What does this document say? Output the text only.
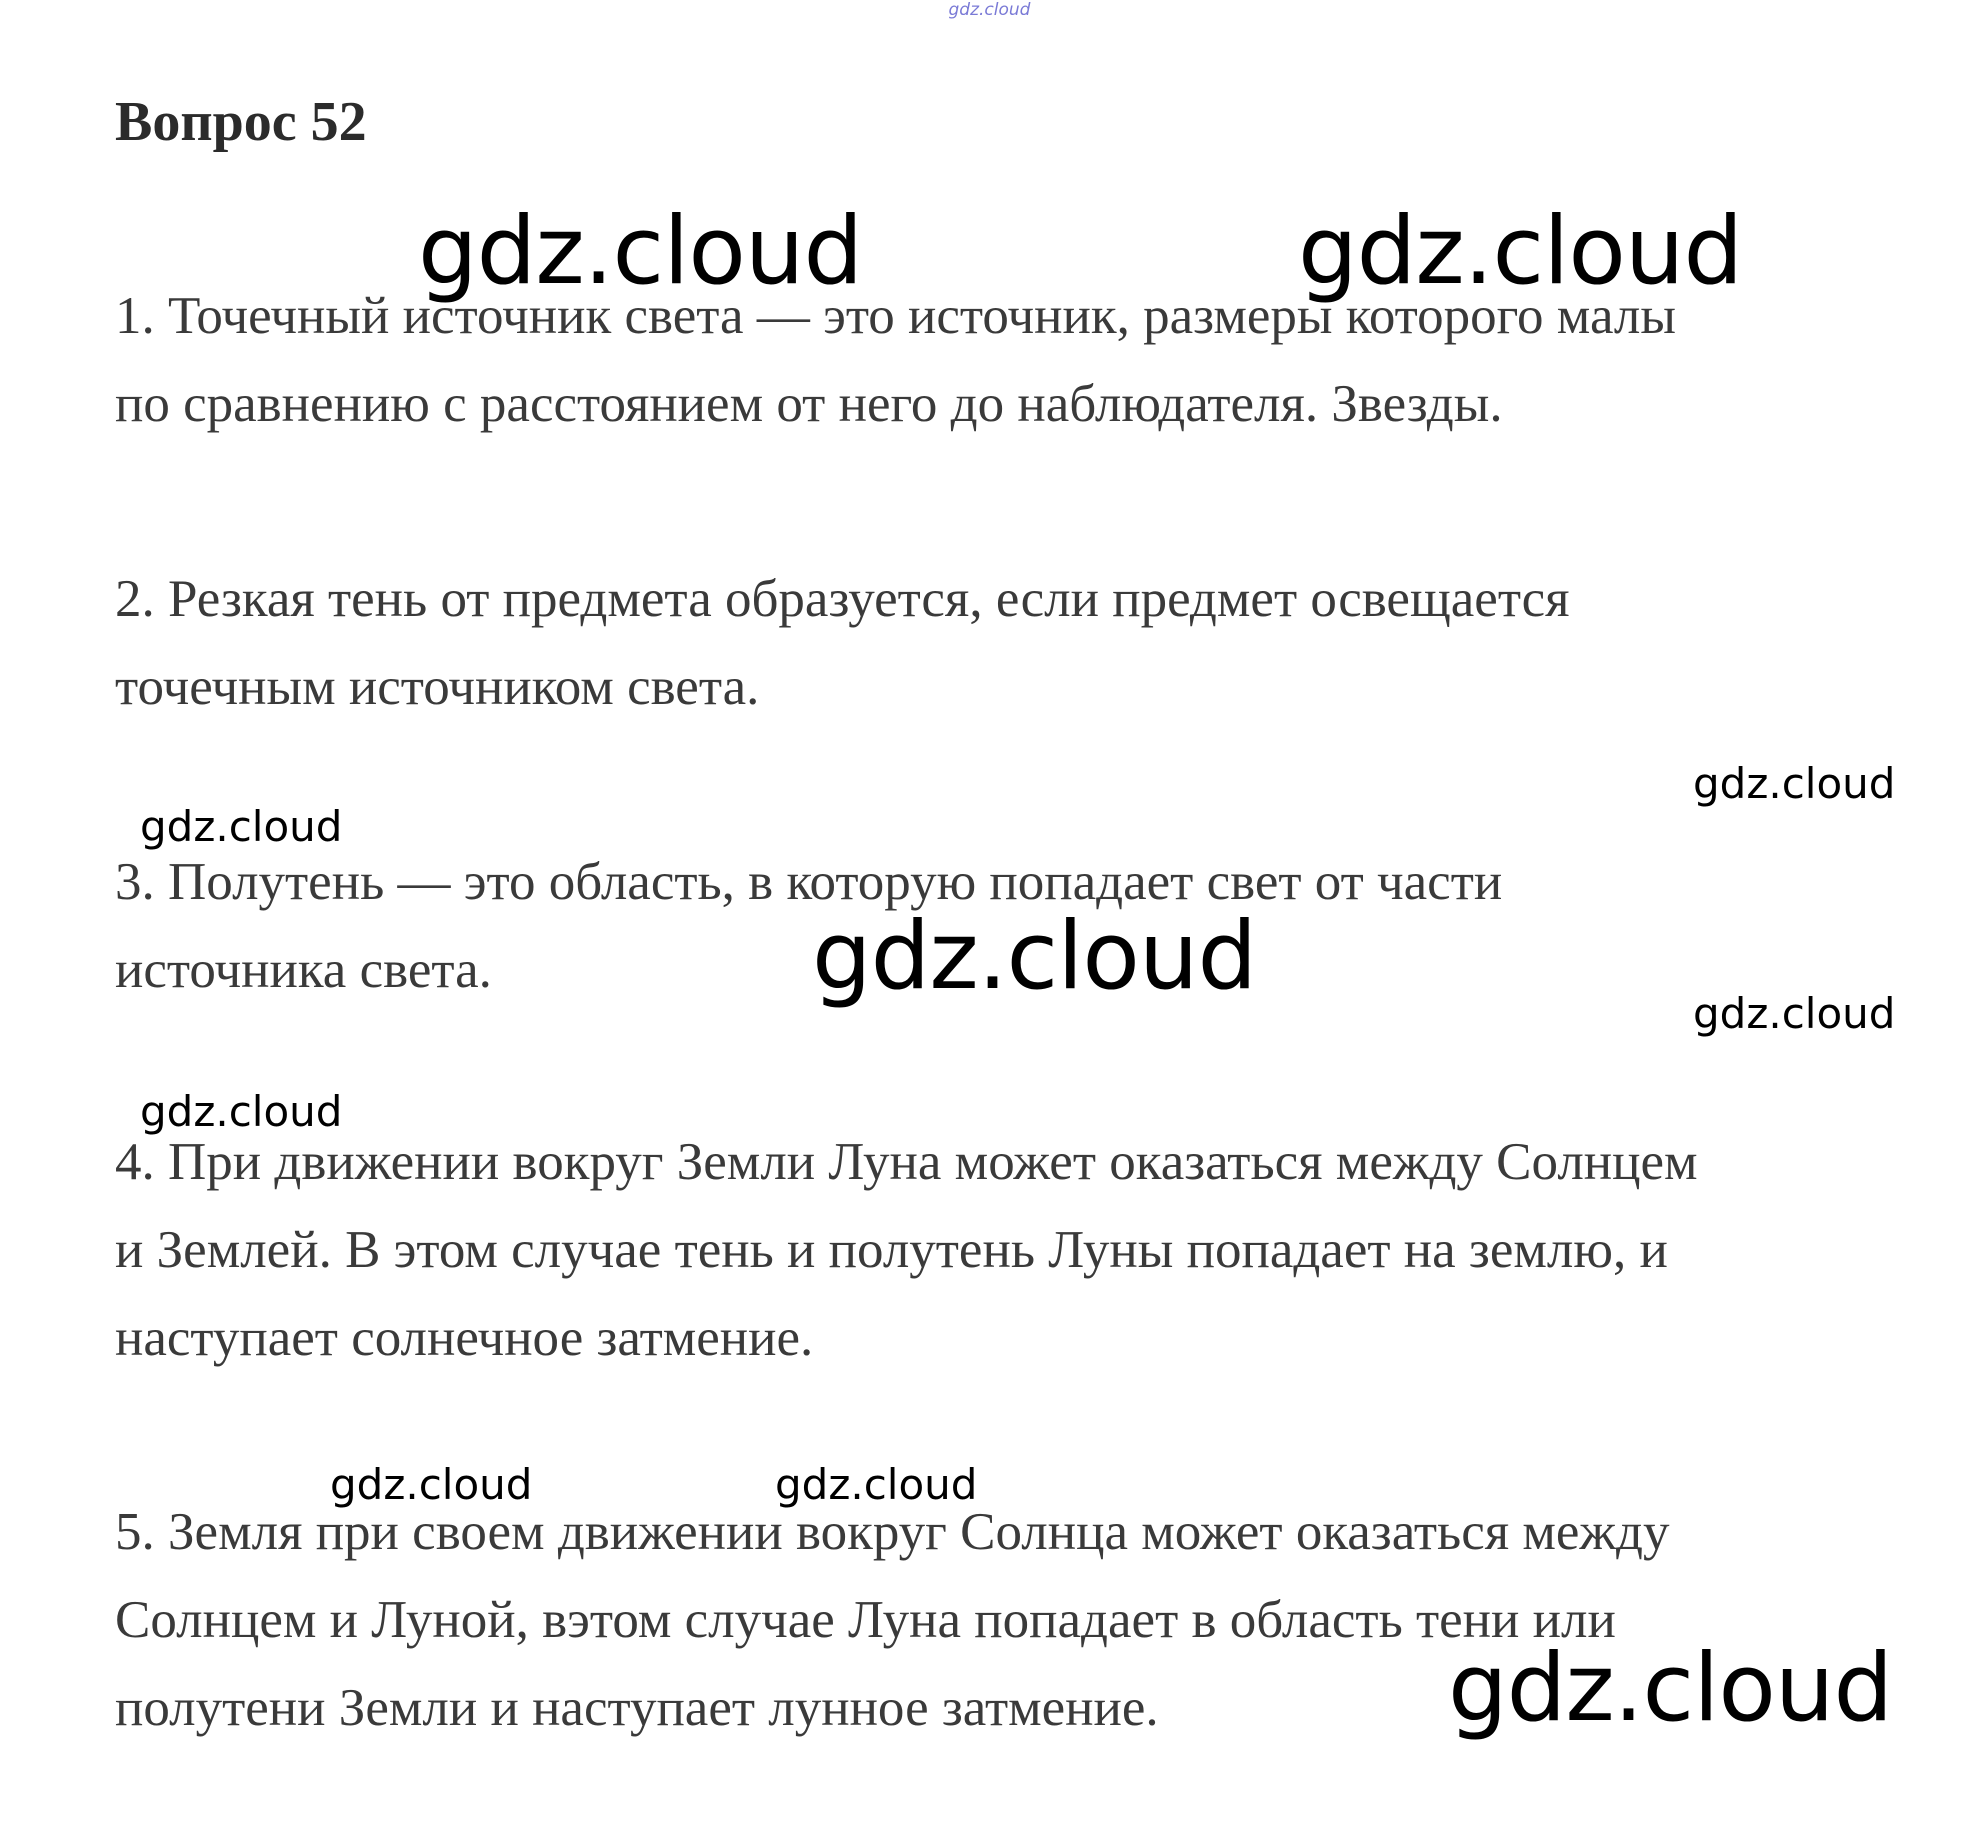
gdz.cloud
Вопрос 52
1. Точечный источник света — это источник, размеры которого малы
по сравнению с расстоянием от него до наблюдателя. Звезды.
2. Резкая тень от предмета образуется, если предмет освещается
точечным источником света.
3. Полутень — это область, в которую попадает свет от части
источника света.
4. При движении вокруг Земли Луна может оказаться между Солнцем
и Землей. В этом случае тень и полутень Луны попадает на землю, и
наступает солнечное затмение.
5. Земля при своем движении вокруг Солнца может оказаться между
Солнцем и Луной, вэтом случае Луна попадает в область тени или
полутени Земли и наступает лунное затмение.
gdz.cloud	gdz.cloud
gdz.cloud
gdz.cloud
gdz.cloud
gdz.cloud
gdz.cloud
gdz.cloud	gdz.cloud
gdz.cloud
